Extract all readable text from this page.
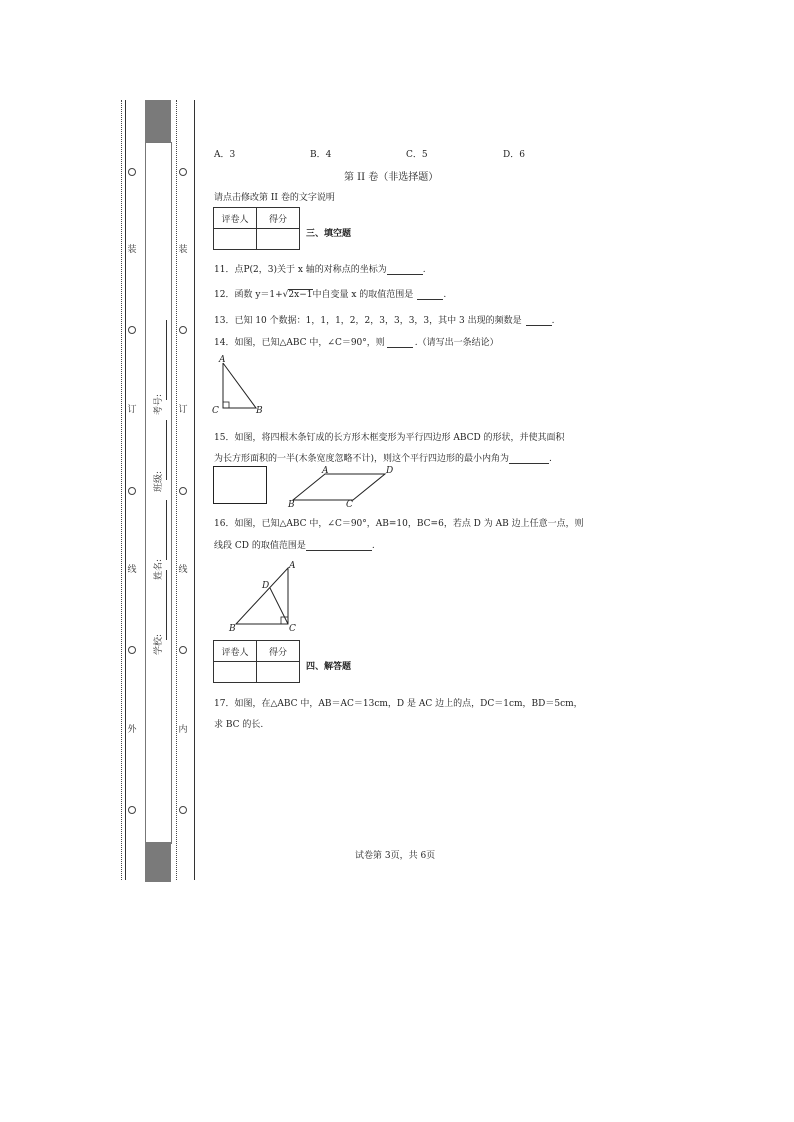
装
订
线
外
装
订
线
内
学校:
姓名:
班级:
考号:
A．3	B．4	C．5	D．6
第 II 卷（非选择题）
请点击修改第 II 卷的文字说明
评卷人	得分

三、填空题
11．点P(2，3)关于 x 轴的对称点的坐标为	.
12．函数 y＝1+√2x−1中自变量 x 的取值范围是	.
13．已知 10 个数据：1，1，1，2，2，3，3，3，3，其中 3 出现的频数是	.
14．如图，已知△ABC 中，∠C＝90°，则	.（请写出一条结论）
A
C	B
15．如图，将四根木条钉成的长方形木框变形为平行四边形 ABCD 的形状，并使其面积
为长方形面积的一半(木条宽度忽略不计)，则这个平行四边形的最小内角为	.
A	D
B	C
16．如图，已知△ABC 中，∠C＝90°，AB=10，BC=6，若点 D 为 AB 边上任意一点，则
线段 CD 的取值范围是	.
A
D
B	C
评卷人	得分

四、解答题
17．如图，在△ABC 中，AB＝AC＝13cm，D 是 AC 边上的点，DC＝1cm，BD＝5cm，
求 BC 的长.
试卷第 3页，共 6页
